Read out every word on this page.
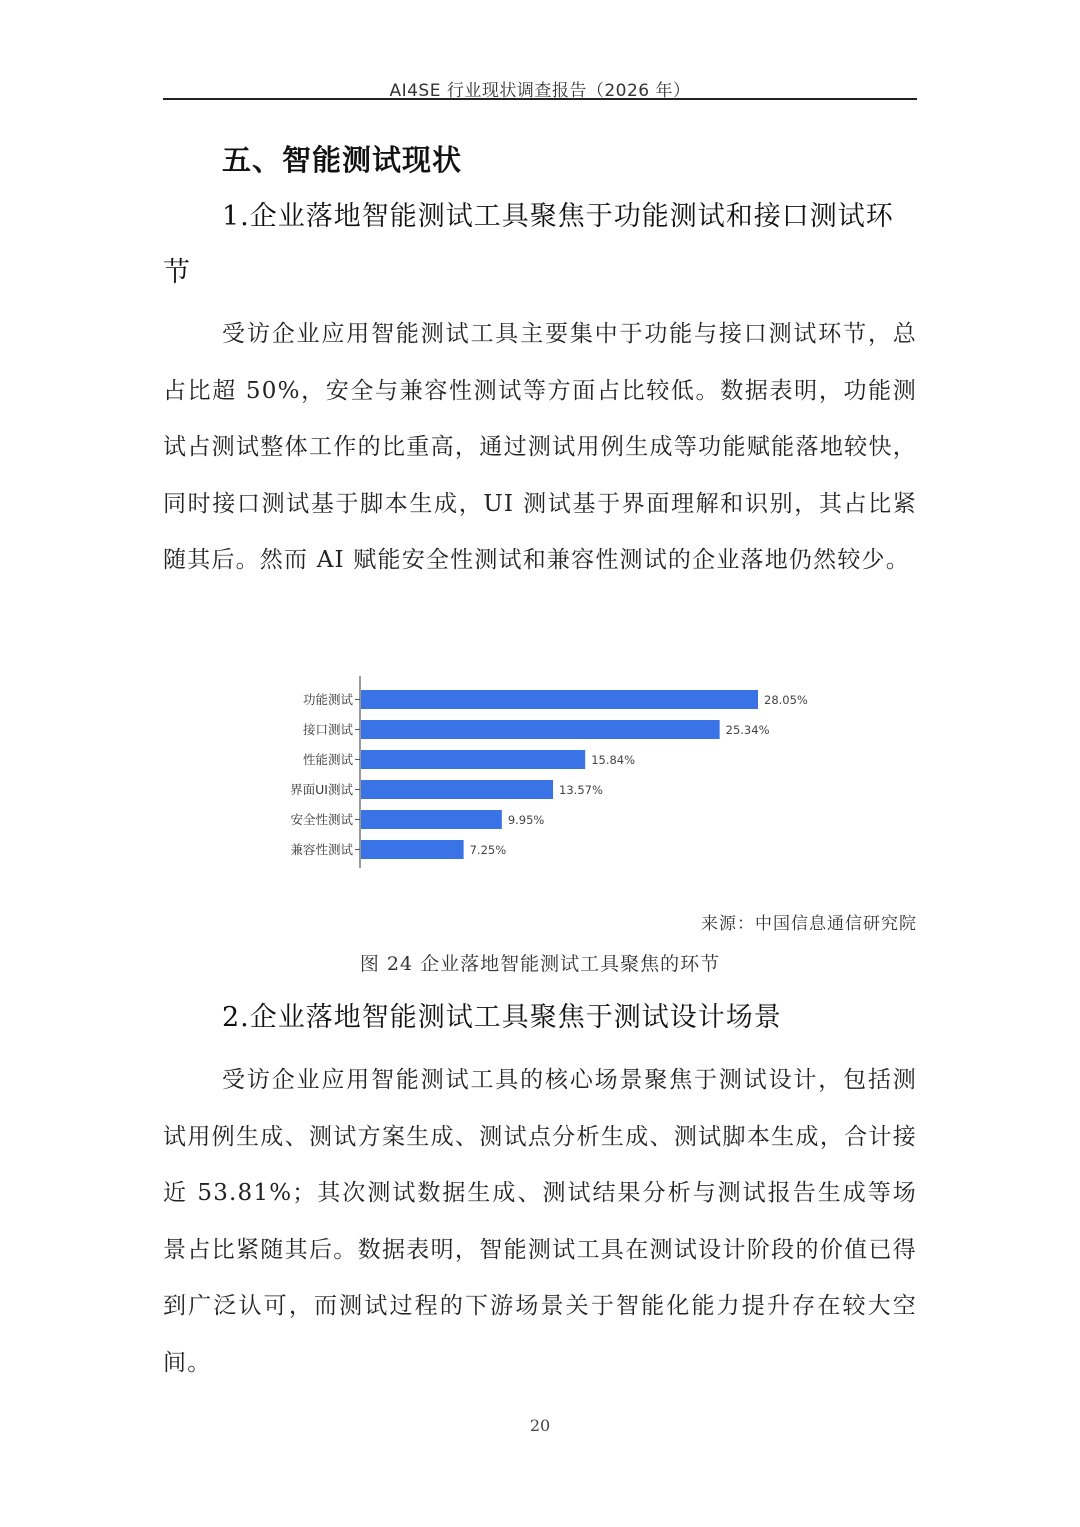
AI4SE 行业现状调查报告（2026 年）
五、智能测试现状
1.企业落地智能测试工具聚焦于功能测试和接口测试环节
受访企业应用智能测试工具主要集中于功能与接口测试环节，总占比超 50%，安全与兼容性测试等方面占比较低。数据表明，功能测试占测试整体工作的比重高，通过测试用例生成等功能赋能落地较快，同时接口测试基于脚本生成，UI 测试基于界面理解和识别，其占比紧随其后。然而 AI 赋能安全性测试和兼容性测试的企业落地仍然较少。
功能测试	28.05%
接口测试	25.34%
性能测试	15.84%
界面UI测试	13.57%
安全性测试	9.95%
兼容性测试	7.25%
来源：中国信息通信研究院
图 24 企业落地智能测试工具聚焦的环节
2.企业落地智能测试工具聚焦于测试设计场景
受访企业应用智能测试工具的核心场景聚焦于测试设计，包括测试用例生成、测试方案生成、测试点分析生成、测试脚本生成，合计接近 53.81%；其次测试数据生成、测试结果分析与测试报告生成等场景占比紧随其后。数据表明，智能测试工具在测试设计阶段的价值已得到广泛认可，而测试过程的下游场景关于智能化能力提升存在较大空间。
20
